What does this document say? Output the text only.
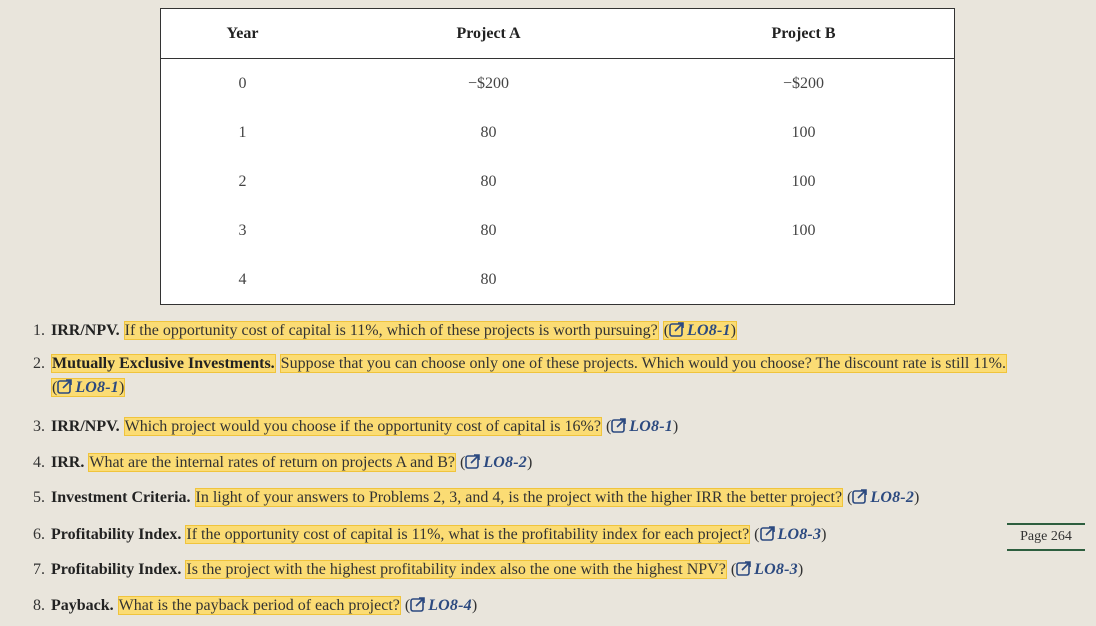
Year	Project A	Project B
0	−$200	−$200
1	80	100
2	80	100
3	80	100
4	80	
1. IRR/NPV. If the opportunity cost of capital is 11%, which of these projects is worth pursuing? ( LO8-1)
2. Mutually Exclusive Investments. Suppose that you can choose only one of these projects. Which would you choose? The discount rate is still 11%. ( LO8-1)
3. IRR/NPV. Which project would you choose if the opportunity cost of capital is 16%? ( LO8-1)
4. IRR. What are the internal rates of return on projects A and B? ( LO8-2)
5. Investment Criteria. In light of your answers to Problems 2, 3, and 4, is the project with the higher IRR the better project? ( LO8-2)
6. Profitability Index. If the opportunity cost of capital is 11%, what is the profitability index for each project? ( LO8-3)
7. Profitability Index. Is the project with the highest profitability index also the one with the highest NPV? ( LO8-3)
8. Payback. What is the payback period of each project? ( LO8-4)
Page 264
